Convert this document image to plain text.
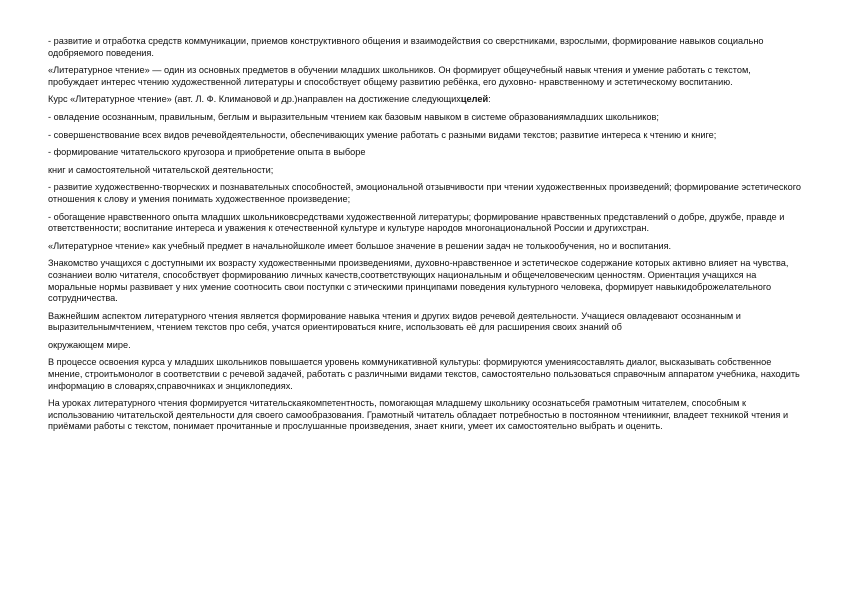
- развитие и отработка средств коммуникации, приемов конструктивного общения и взаимодействия со сверстниками, взрослыми, формирование навыков социально одобряемого поведения.

«Литературное чтение» — один из основных предметов в обучении младших школьников. Он формирует общеучебный навык чтения и умение работать с текстом, пробуждает интерес чтению художественной литературы и способствует общему развитию ребёнка, его духовно- нравственному и эстетическому воспитанию.

Курс «Литературное чтение» (авт. Л. Ф. Климановой и др.)направлен на достижение следующихцелей:

- овладение осознанным, правильным, беглым и выразительным чтением как базовым навыком в системе образованиямладших школьников;

- совершенствование всех видов речевойдеятельности, обеспечивающих умение работать с разными видами текстов; развитие интереса к чтению и книге;

- формирование читательского кругозора и приобретение опыта в выборе

книг и самостоятельной читательской деятельности;

- развитие художественно-творческих и познавательных способностей, эмоциональной отзывчивости при чтении художественных произведений; формирование эстетического отношения к слову и умения понимать художественное произведение;

- обогащение нравственного опыта младших школьниковсредствами художественной литературы; формирование нравственных представлений о добре, дружбе, правде и ответственности; воспитание интереса и уважения к отечественной культуре и культуре народов многонациональной России и другихстран.

«Литературное чтение» как учебный предмет в начальнойшколе имеет большое значение в решении задач не толькообучения, но и воспитания.

Знакомство учащихся с доступными их возрасту художественными произведениями, духовно-нравственное и эстетическое содержание которых активно влияет на чувства, сознаниеи волю читателя, способствует формированию личных качеств,соответствующих национальным и общечеловеческим ценностям. Ориентация учащихся на моральные нормы развивает у них умение соотносить свои поступки с этическими принципами поведения культурного человека, формирует навыкидоброжелательного сотрудничества.

Важнейшим аспектом литературного чтения является формирование навыка чтения и других видов речевой деятельности. Учащиеся овладевают осознанным и выразительнымчтением, чтением текстов про себя, учатся ориентироваться книге, использовать её для расширения своих знаний об

окружающем мире.

В процессе освоения курса у младших школьников повышается уровень коммуникативной культуры: формируются умениясоставлять диалог, высказывать собственное мнение, строитьмонолог в соответствии с речевой задачей, работать с различными видами текстов, самостоятельно пользоваться справочным аппаратом учебника, находить информацию в словарях,справочниках и энциклопедиях.

На уроках литературного чтения формируется читательскаякомпетентность, помогающая младшему школьнику осознатьсебя грамотным читателем, способным к использованию читательской деятельности для своего самообразования. Грамотный читатель обладает потребностью в постоянном чтениикниг, владеет техникой чтения и приёмами работы с текстом, понимает прочитанные и прослушанные произведения, знает книги, умеет их самостоятельно выбрать и оценить.
